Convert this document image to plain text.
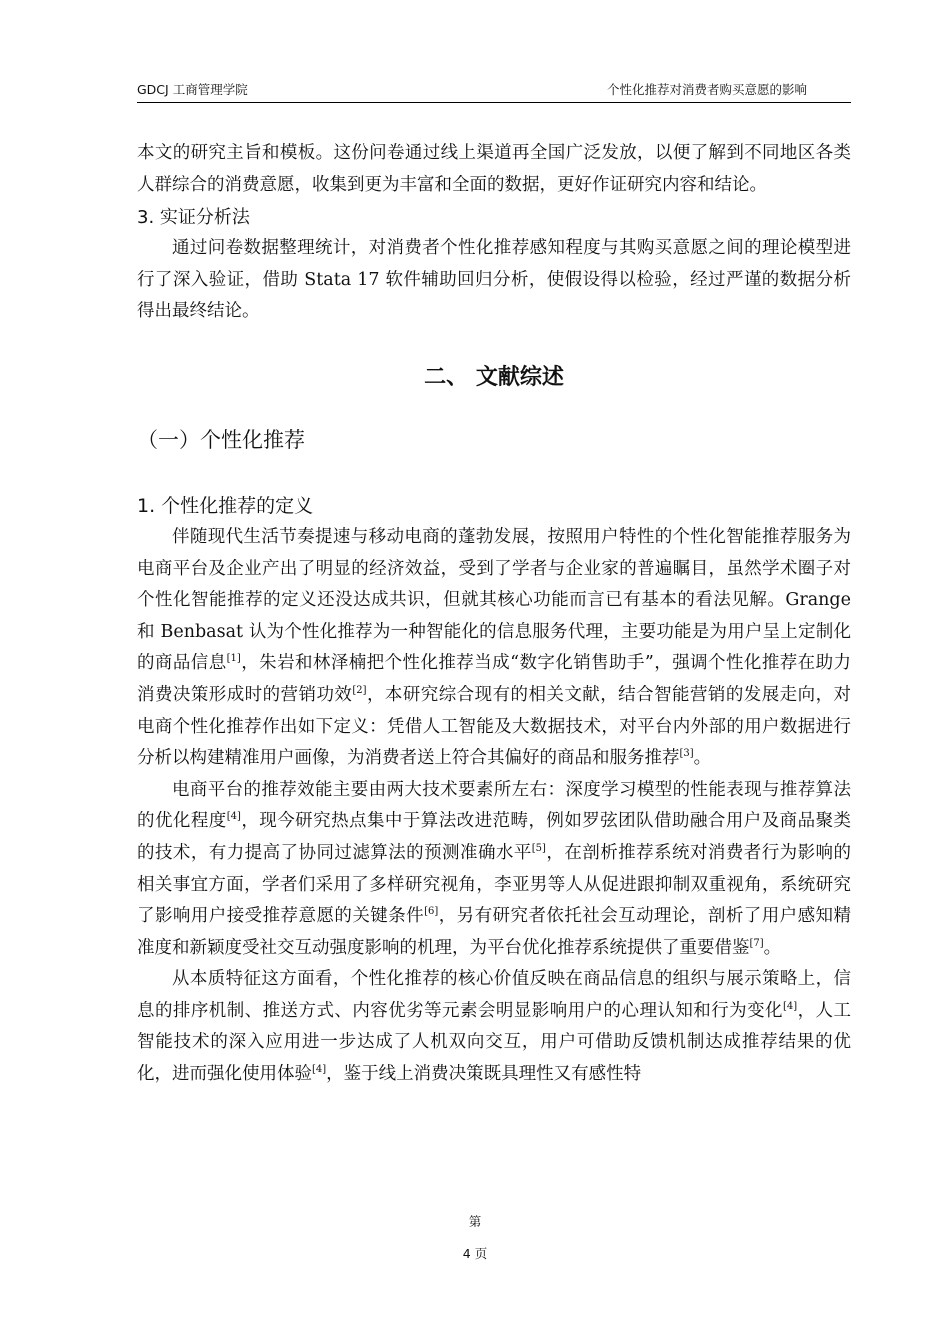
GDCJ 工商管理学院	个性化推荐对消费者购买意愿的影响

本文的研究主旨和模板。这份问卷通过线上渠道再全国广泛发放，以便了解到不同地区各类人群综合的消费意愿，收集到更为丰富和全面的数据，更好作证研究内容和结论。

3. 实证分析法

通过问卷数据整理统计，对消费者个性化推荐感知程度与其购买意愿之间的理论模型进行了深入验证，借助 Stata 17 软件辅助回归分析，使假设得以检验，经过严谨的数据分析得出最终结论。

二、 文献综述
（一）个性化推荐
1. 个性化推荐的定义

伴随现代生活节奏提速与移动电商的蓬勃发展，按照用户特性的个性化智能推荐服务为电商平台及企业产出了明显的经济效益，受到了学者与企业家的普遍瞩目，虽然学术圈子对个性化智能推荐的定义还没达成共识，但就其核心功能而言已有基本的看法见解。Grange 和 Benbasat 认为个性化推荐为一种智能化的信息服务代理，主要功能是为用户呈上定制化的商品信息[1]，朱岩和林泽楠把个性化推荐当成“数字化销售助手”，强调个性化推荐在助力消费决策形成时的营销功效[2]，本研究综合现有的相关文献，结合智能营销的发展走向，对电商个性化推荐作出如下定义：凭借人工智能及大数据技术，对平台内外部的用户数据进行分析以构建精准用户画像，为消费者送上符合其偏好的商品和服务推荐[3]。

电商平台的推荐效能主要由两大技术要素所左右：深度学习模型的性能表现与推荐算法的优化程度[4]，现今研究热点集中于算法改进范畴，例如罗弦团队借助融合用户及商品聚类的技术，有力提高了协同过滤算法的预测准确水平[5]，在剖析推荐系统对消费者行为影响的相关事宜方面，学者们采用了多样研究视角，李亚男等人从促进跟抑制双重视角，系统研究了影响用户接受推荐意愿的关键条件[6]，另有研究者依托社会互动理论，剖析了用户感知精准度和新颖度受社交互动强度影响的机理，为平台优化推荐系统提供了重要借鉴[7]。

从本质特征这方面看，个性化推荐的核心价值反映在商品信息的组织与展示策略上，信息的排序机制、推送方式、内容优劣等元素会明显影响用户的心理认知和行为变化[4]，人工智能技术的深入应用进一步达成了人机双向交互，用户可借助反馈机制达成推荐结果的优化，进而强化使用体验[4]，鉴于线上消费决策既具理性又有感性特

第
4 页
